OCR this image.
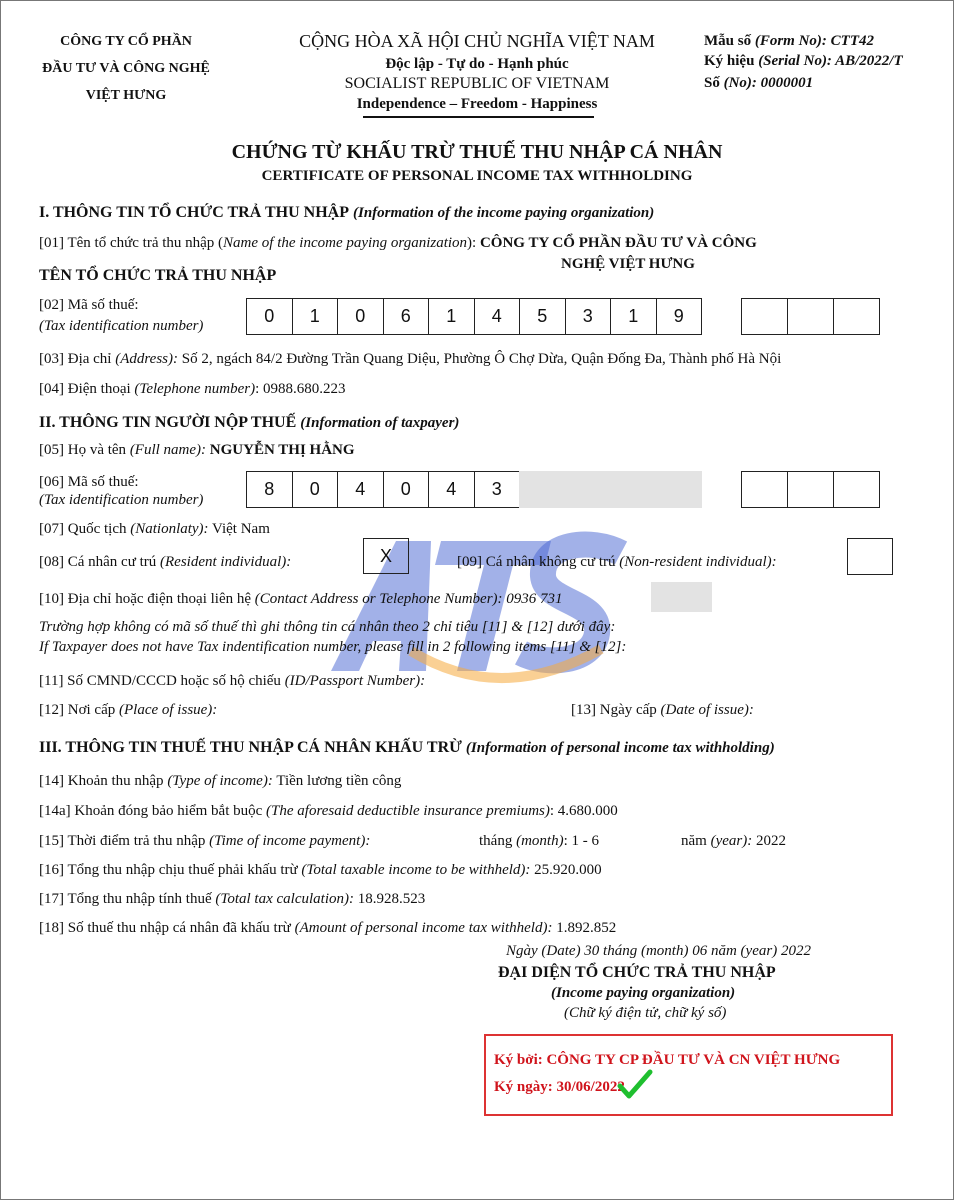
CÔNG TY CỔ PHẦN
ĐẦU TƯ VÀ CÔNG NGHỆ
VIỆT HƯNG
CỘNG HÒA XÃ HỘI CHỦ NGHĨA VIỆT NAM
Độc lập - Tự do - Hạnh phúc
SOCIALIST REPUBLIC OF VIETNAM
Independence – Freedom - Happiness
Mẫu số (Form No): CTT42
Ký hiệu (Serial No): AB/2022/T
Số (No): 0000001
CHỨNG TỪ KHẤU TRỪ THUẾ THU NHẬP CÁ NHÂN
CERTIFICATE OF PERSONAL INCOME TAX WITHHOLDING
I. THÔNG TIN TỔ CHỨC TRẢ THU NHẬP (Information of the income paying organization)
[01] Tên tổ chức trả thu nhập (Name of the income paying organization): CÔNG TY CỔ PHẦN ĐẦU TƯ VÀ CÔNG
NGHỆ VIỆT HƯNG
TÊN TỔ CHỨC TRẢ THU NHẬP
[02] Mã số thuế:
(Tax identification number)	0	1	0	6	1	4	5	3	1	9
[03] Địa chỉ (Address): Số 2, ngách 84/2 Đường Trần Quang Diệu, Phường Ô Chợ Dừa, Quận Đống Đa, Thành phố Hà Nội
[04] Điện thoại (Telephone number): 0988.680.223
II. THÔNG TIN NGƯỜI NỘP THUẾ (Information of taxpayer)
[05] Họ và tên (Full name): NGUYỄN THỊ HẰNG
[06] Mã số thuế:
(Tax identification number)
8	0	4	0	4	3
[07] Quốc tịch (Nationlaty): Việt Nam
[08] Cá nhân cư trú (Resident individual):	X	[09] Cá nhân không cư trú (Non-resident individual):
[10] Địa chỉ hoặc điện thoại liên hệ (Contact Address or Telephone Number): 0936 731
Trường hợp không có mã số thuế thì ghi thông tin cá nhân theo 2 chỉ tiêu [11] & [12] dưới đây:
If Taxpayer does not have Tax indentification number, please fill in 2 following items [11] & [12]:
[11] Số CMND/CCCD hoặc số hộ chiếu (ID/Passport Number):
[12] Nơi cấp (Place of issue):	[13] Ngày cấp (Date of issue):
III. THÔNG TIN THUẾ THU NHẬP CÁ NHÂN KHẤU TRỪ (Information of personal income tax withholding)
[14] Khoản thu nhập (Type of income): Tiền lương tiền công
[14a] Khoản đóng bảo hiểm bắt buộc (The aforesaid deductible insurance premiums): 4.680.000
[15] Thời điểm trả thu nhập (Time of income payment):	tháng (month): 1 - 6	năm (year): 2022
[16] Tổng thu nhập chịu thuế phải khấu trừ (Total taxable income to be withheld): 25.920.000
[17] Tổng thu nhập tính thuế (Total tax calculation): 18.928.523
[18] Số thuế thu nhập cá nhân đã khấu trừ (Amount of personal income tax withheld): 1.892.852
Ngày (Date) 30 tháng (month) 06 năm (year) 2022
ĐẠI DIỆN TỔ CHỨC TRẢ THU NHẬP
(Income paying organization)
(Chữ ký điện tử, chữ ký số)
Ký bởi: CÔNG TY CP ĐẦU TƯ VÀ CN VIỆT HƯNG
Ký ngày: 30/06/2022
